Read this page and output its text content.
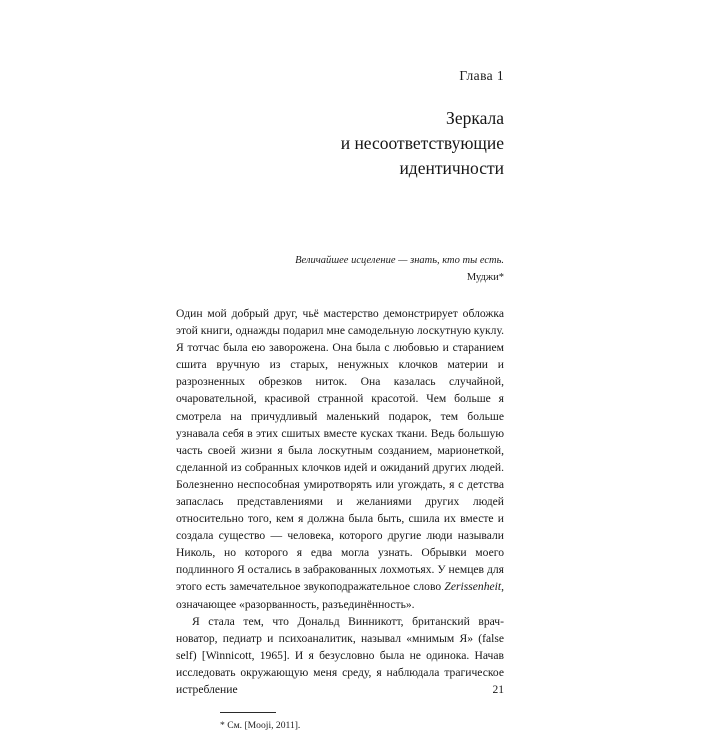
Глава 1
Зеркала
и несоответствующие
идентичности
Величайшее исцеление — знать, кто ты есть.
Муджи*

Один мой добрый друг, чьё мастерство демонстрирует обложка этой книги, однажды подарил мне самодельную лоскутную куклу. Я тотчас была ею заворожена. Она была с любовью и старанием сшита вручную из старых, ненужных клочков материи и разрозненных обрезков ниток. Она казалась случайной, очаровательной, красивой странной красотой. Чем больше я смотрела на причудливый маленький подарок, тем больше узнавала себя в этих сшитых вместе кусках ткани. Ведь большую часть своей жизни я была лоскутным созданием, марионеткой, сделанной из собранных клочков идей и ожиданий других людей. Болезненно неспособная умиротворять или угождать, я с детства запаслась представлениями и желаниями других людей относительно того, кем я должна была быть, сшила их вместе и создала существо — человека, которого другие люди называли Николь, но которого я едва могла узнать. Обрывки моего подлинного Я остались в забракованных лохмотьях. У немцев для этого есть замечательное звукоподражательное слово Zerissenheit, означающее «разорванность, разъединённость».

Я стала тем, что Дональд Винникотт, британский врач-новатор, педиатр и психоаналитик, называл «мнимым Я» (false self) [Winnicott, 1965]. И я безусловно была не одинока. Начав исследовать окружающую меня среду, я наблюдала трагическое истребление

* См. [Mooji, 2011].
21
